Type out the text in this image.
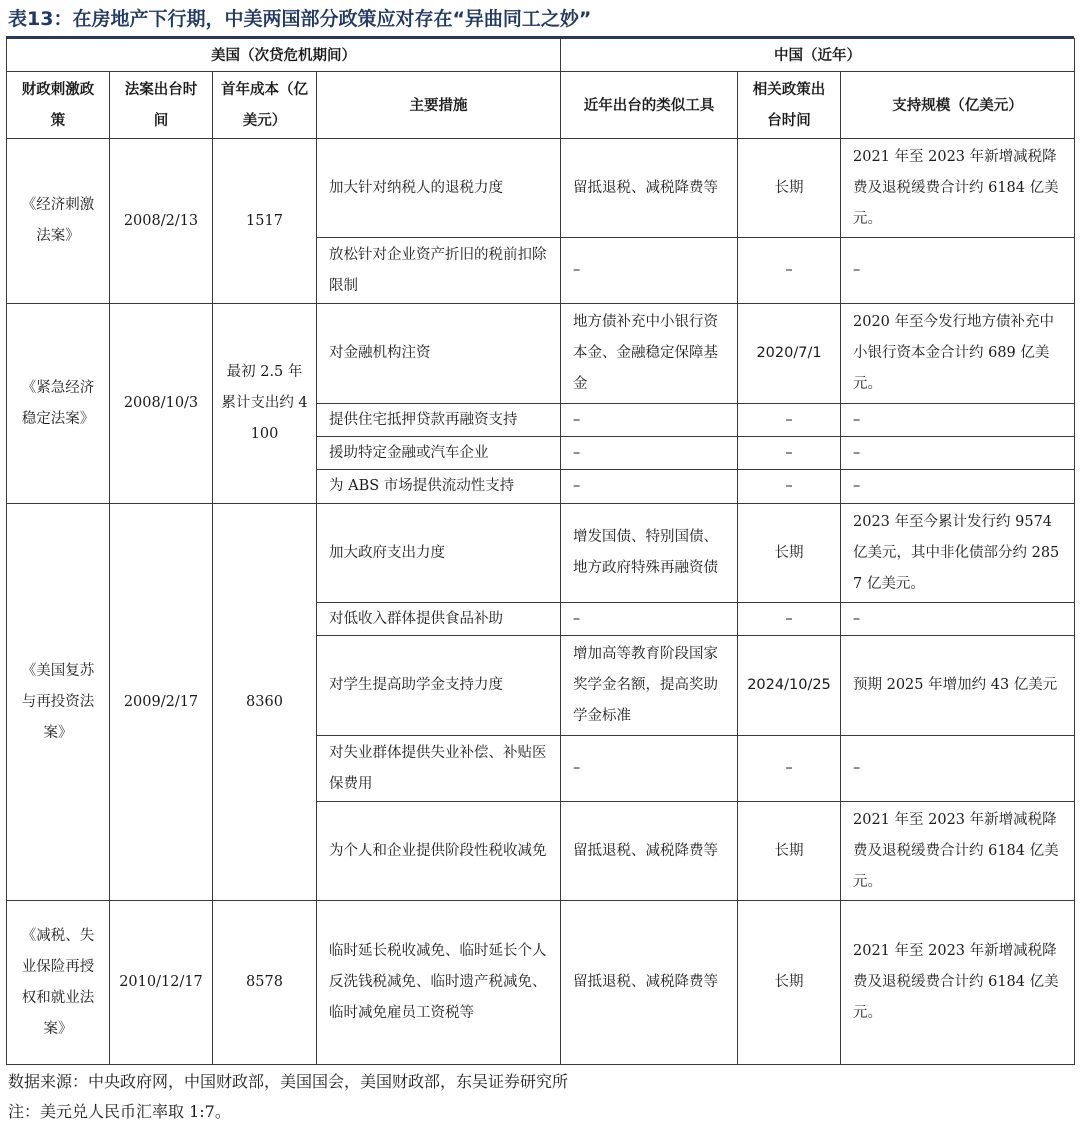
表13：在房地产下行期，中美两国部分政策应对存在“异曲同工之妙”
美国（次贷危机期间）				中国（近年）		
财政刺激政策	法案出台时间	首年成本（亿美元）	主要措施	近年出台的类似工具	相关政策出台时间	支持规模（亿美元）
《经济刺激法案》	2008/2/13	1517	加大针对纳税人的退税力度	留抵退税、减税降费等	长期	2021 年至 2023 年新增减税降费及退税缓费合计约 6184 亿美元。
			放松针对企业资产折旧的税前扣除限制	–	–	–
《紧急经济稳定法案》	2008/10/3	最初 2.5 年累计支出约 4100	对金融机构注资	地方债补充中小银行资本金、金融稳定保障基金	2020/7/1	2020 年至今发行地方债补充中小银行资本金合计约 689 亿美元。
			提供住宅抵押贷款再融资支持	–	–	–
			援助特定金融或汽车企业	–	–	–
			为 ABS 市场提供流动性支持	–	–	–
《美国复苏与再投资法案》	2009/2/17	8360	加大政府支出力度	增发国债、特别国债、地方政府特殊再融资债	长期	2023 年至今累计发行约 9574 亿美元，其中非化债部分约 2857 亿美元。
			对低收入群体提供食品补助	–	–	–
			对学生提高助学金支持力度	增加高等教育阶段国家奖学金名额，提高奖助学金标准	2024/10/25	预期 2025 年增加约 43 亿美元
			对失业群体提供失业补偿、补贴医保费用	–	–	–
			为个人和企业提供阶段性税收减免	留抵退税、减税降费等	长期	2021 年至 2023 年新增减税降费及退税缓费合计约 6184 亿美元。
《减税、失业保险再授权和就业法案》	2010/12/17	8578	临时延长税收减免、临时延长个人反洗钱税减免、临时遗产税减免、临时减免雇员工资税等	留抵退税、减税降费等	长期	2021 年至 2023 年新增减税降费及退税缓费合计约 6184 亿美元。
数据来源：中央政府网，中国财政部，美国国会，美国财政部，东吴证券研究所
注：美元兑人民币汇率取 1:7。
